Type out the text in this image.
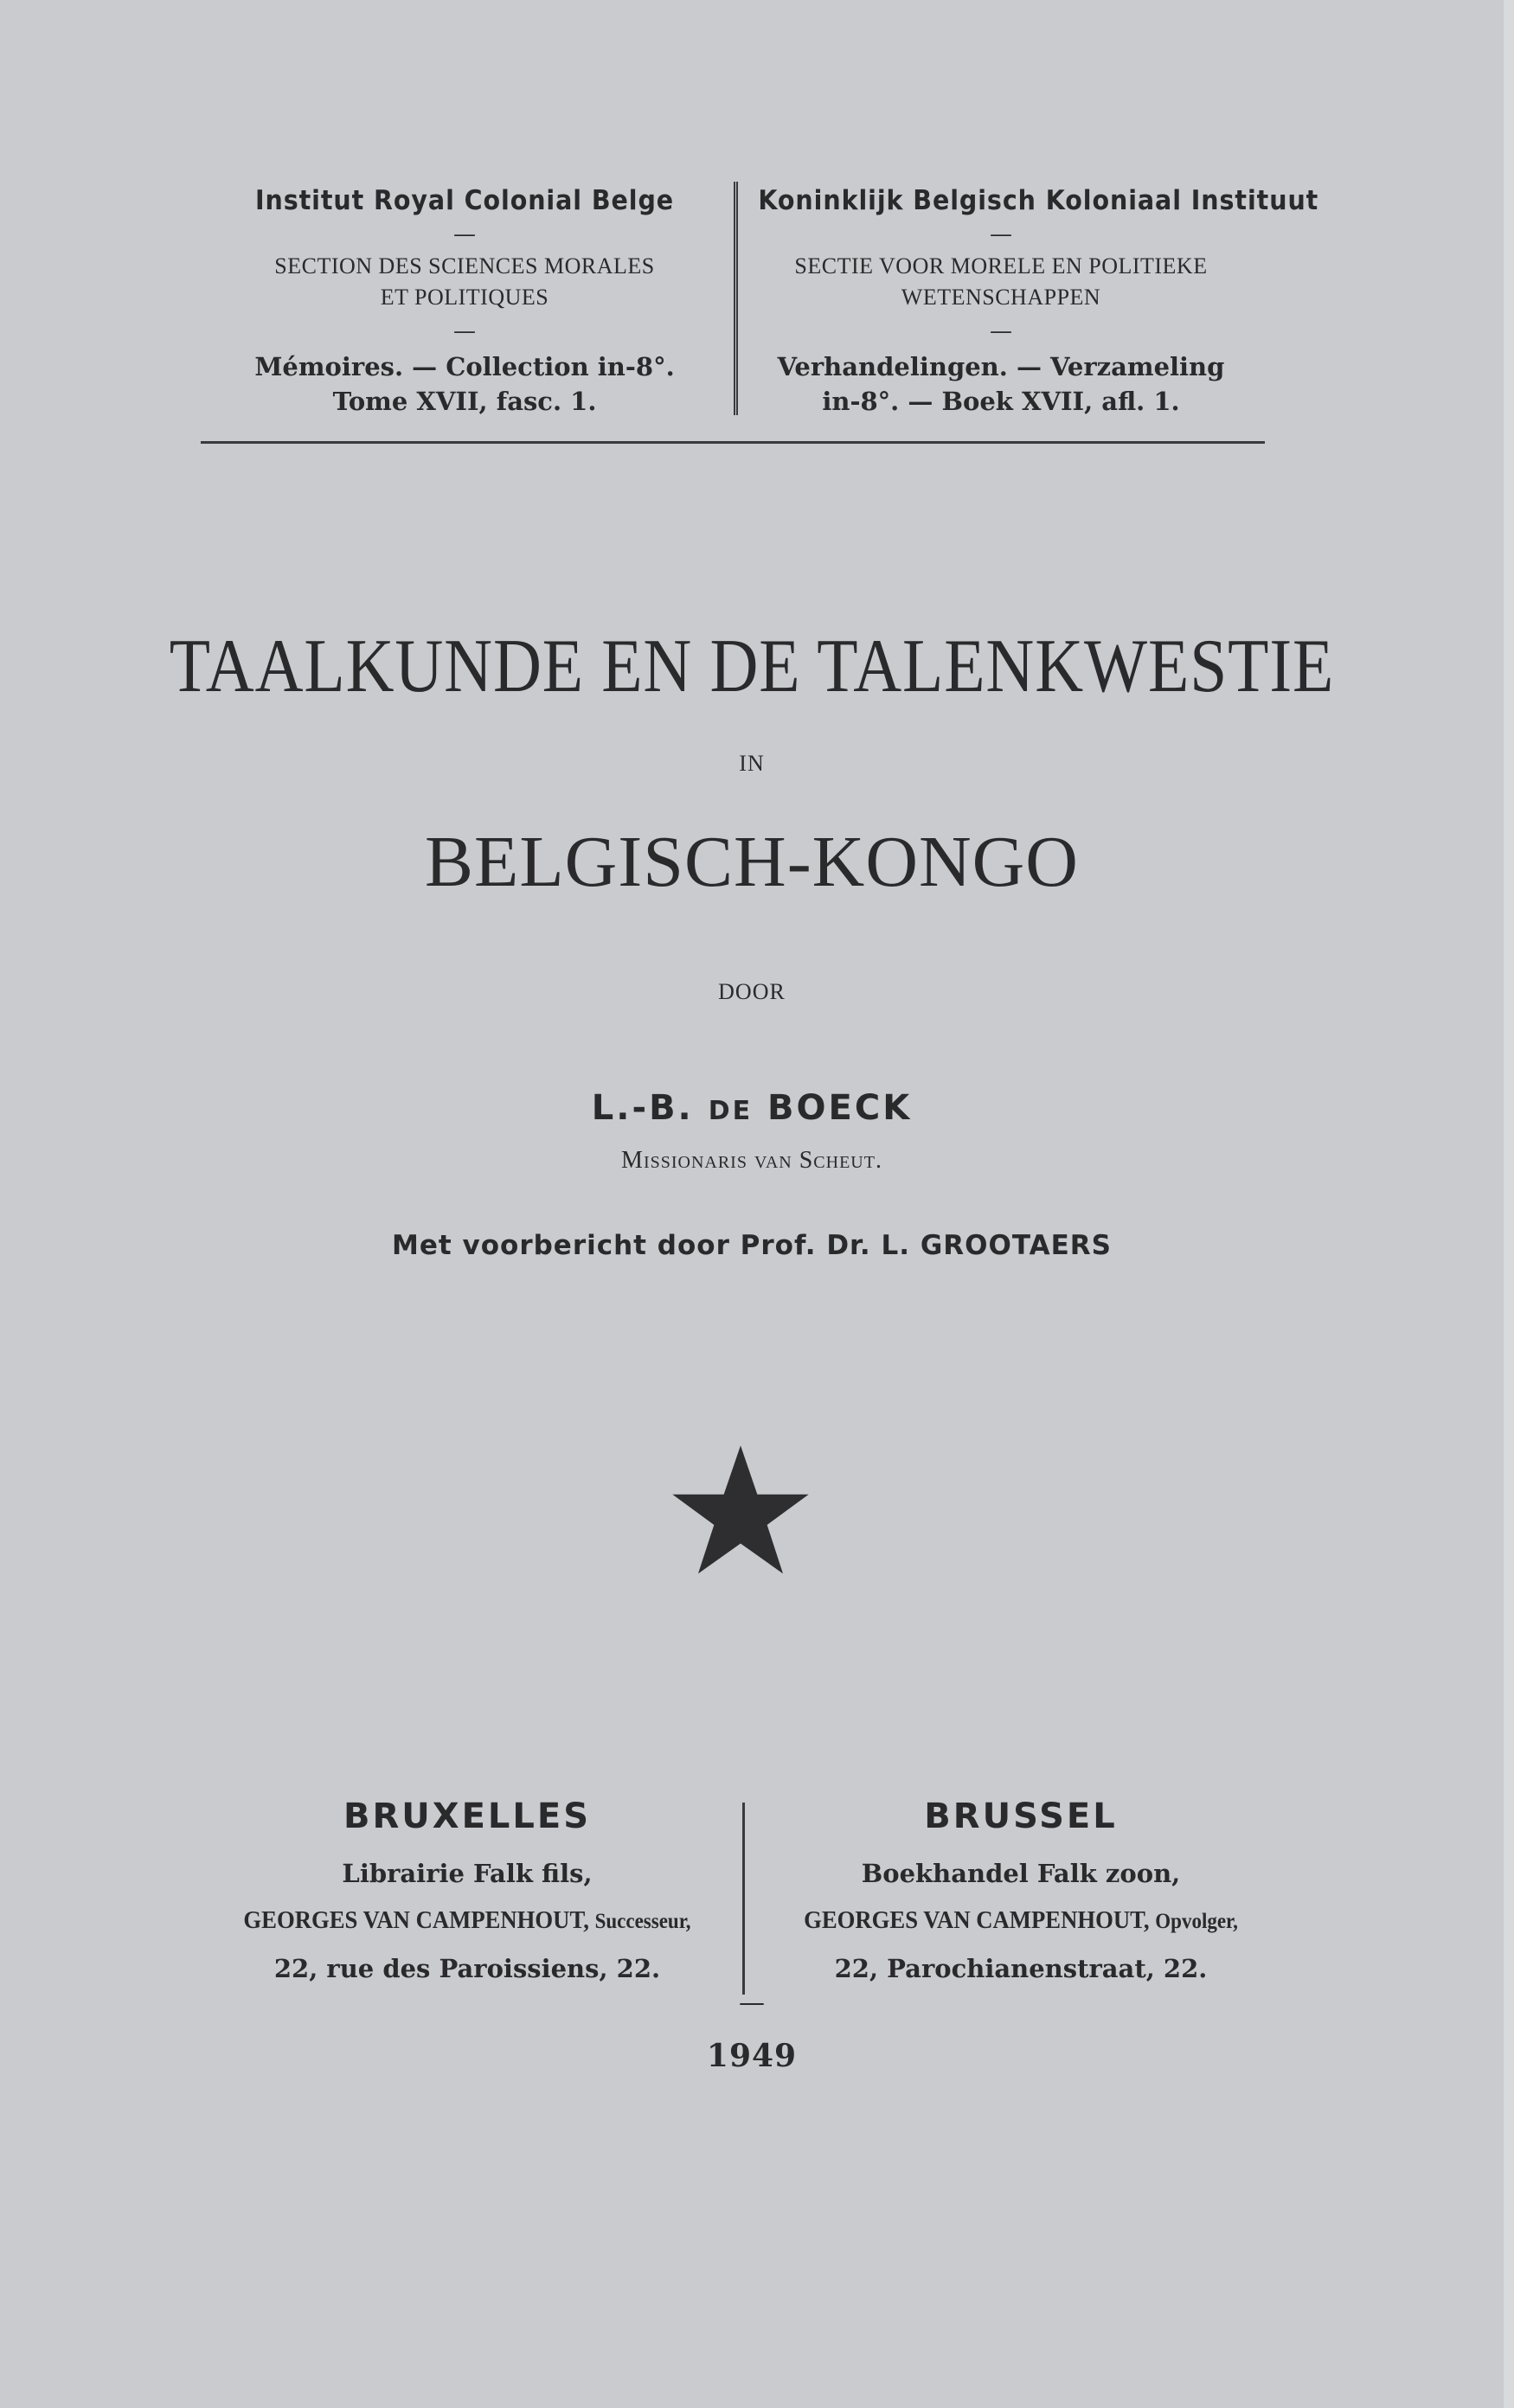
Institut Royal Colonial Belge
—
SECTION DES SCIENCES MORALES
ET POLITIQUES
—
Mémoires. — Collection in-8°.
Tome XVII, fasc. 1.
Koninklijk Belgisch Koloniaal Instituut
—
SECTIE VOOR MORELE EN POLITIEKE
WETENSCHAPPEN
—
Verhandelingen. — Verzameling
in-8°. — Boek XVII, afl. 1.
TAALKUNDE EN DE TALENKWESTIE
IN
BELGISCH-KONGO
DOOR
L.-B. DE BOECK
Missionaris van Scheut.
Met voorbericht door Prof. Dr. L. GROOTAERS
BRUXELLES
Librairie Falk fils,
GEORGES VAN CAMPENHOUT, Successeur,
22, rue des Paroissiens, 22.
BRUSSEL
Boekhandel Falk zoon,
GEORGES VAN CAMPENHOUT, Opvolger,
22, Parochianenstraat, 22.
—
1949
